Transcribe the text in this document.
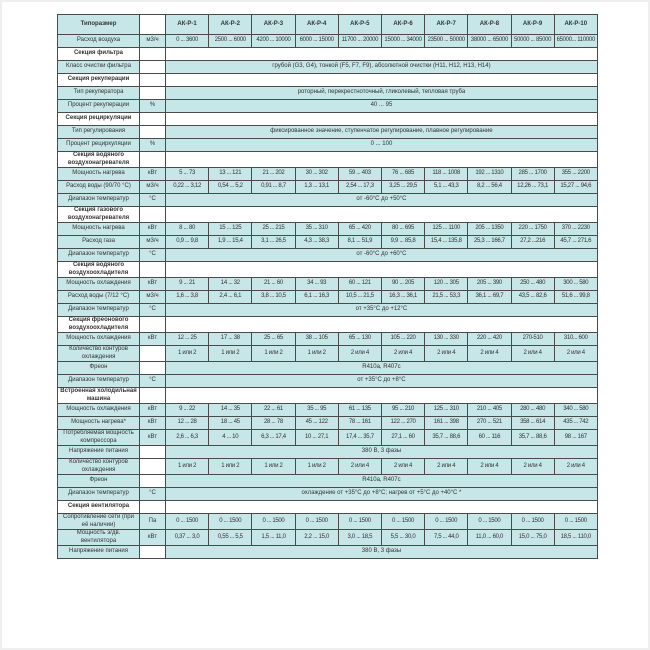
Типоразмер		АК-Р-1	АК-Р-2	АК-Р-3	АК-Р-4	АК-Р-5	АК-Р-6	АК-Р-7	АК-Р-8	АК-Р-9	АК-Р-10
Расход воздуха	м3/ч	0 ... 3600	2500 ... 6000	4200 ... 10000	6000 ... 15000	11700 ... 20000	15000 ... 34000	23500 ... 50000	38000 ... 65000	50000 ... 85000	65000... 110000
Секция фильтра											
Класс очистки фильтра		грубой (G3, G4), тонкой (F5, F7, F9), абсолютной очистки (H11, H12, H13, H14)									
Секция рекуперации											
Тип рекуператора		роторный, перекрестноточный, гликолевый, тепловая труба									
Процент рекуперации	%	40 ... 95									
Секция рециркуляции											
Тип регулирования		фиксированное значение, ступенчатое регулирование, плавное регулирование									
Процент рециркуляции	%	0 ... 100									
Секция водяного воздухонагревателя											
Мощность нагрева	кВт	5 ... 73	13 ... 121	21 ... 202	30 ... 302	59 ... 403	76 ... 685	118 ... 1008	192 ... 1310	285 ... 1700	355 ... 2200
Расход воды (90/70 °С)	м3/ч	0,22 ... 3,12	0,54 ... 5,2	0,91 ... 8,7	1,3 ... 13,1	2,54 ... 17,3	3,25 ... 29,5	5,1 ... 43,3	8,2 ... 56,4	12,26 ... 73,1	15,27 ... 94,6
Диапазон температур	°С	от -60°С до +50°С									
Секция газового воздухонагревателя											
Мощность нагрева	кВт	8 ... 80	15 ... 125	25 ... 215	35 ... 310	65 ... 420	80 ... 695	125 ... 1100	205 ... 1350	220 ... 1750	370 ... 2230
Расход газа	м3/ч	0,9 ... 9,8	1,9 ... 15,4	3,1 ... 26,5	4,3 ... 38,3	8,1 ... 51,9	9,9 ... 85,8	15,4 ... 135,8	25,3 ... 166,7	27,2 ...216	45,7 ... 271,6
Диапазон температур	°С	от -60°С до +60°С									
Секция водяного воздухоохладителя											
Мощность охлаждения	кВт	9 ... 21	14 ... 32	21 ... 60	34 ... 93	60 ... 121	90 ... 205	120 ... 305	205 ... 390	250 ... 480	300 ... 580
Расход воды (7/12 °С)	м3/ч	1,6 ... 3,8	2,4 ... 6,1	3,8 ... 10,5	6,1 ... 16,3	10,5 ... 21,5	16,3 ... 36,1	21,5 ... 53,3	36,1 ... 69,7	43,5 ... 82,6	51,6 ... 99,8
Диапазон температур	°С	от +35°С до +12°С									
Секция фреонового воздухоохладителя											
Мощность охлаждения	кВт	12 ... 25	17 ... 38	25 ... 65	38 ... 105	65 ... 130	105 ... 220	130 ... 330	220 ... 420	270-510	310... 600
Количество контуров охлаждения		1 или 2	1 или 2	1 или 2	1 или 2	2 или 4	2 или 4	2 или 4	2 или 4	2 или 4	2 или 4
Фреон		R410a, R407c									
Диапазон температур	°С	от +35°С до +8°С									
Встроенная холодильная машина											
Мощность охлаждения	кВт	9 ... 22	14 ... 35	22 ... 61	35 ... 95	61 ... 135	95 ... 210	125 ... 310	210 ... 405	280 ... 480	340 ... 580
Мощность нагрева*	кВт	12 ... 28	18 ... 45	28 ... 78	45 ... 122	78 ... 161	122 ... 270	161 ... 398	270 ... 521	358 ... 614	435 ... 742
Потребляемая мощность компрессора	кВт	2,6 ... 6,3	4 ... 10	6,3 ... 17,4	10 ... 27,1	17,4 ... 35,7	27,1 ... 60	35,7 ... 88,6	60 ... 116	35,7 ... 88,6	98 ... 167
Напряжение питания		380 В, 3 фазы									
Количество контуров охлаждения		1 или 2	1 или 2	1 или 2	1 или 2	2 или 4	2 или 4	2 или 4	2 или 4	2 или 4	2 или 4
Фреон		R410a, R407c									
Диапазон температур	°С	охлаждение от +35°С до +8°С; нагрев от +5°С до +40°С *									
Секция вентилятора											
Сопротивление сети (при её наличии)	Па	0 ... 1500	0 ... 1500	0 ... 1500	0 ... 1500	0 ... 1500	0 ... 1500	0 ... 1500	0 ... 1500	0 ... 1500	0 ... 1500
Мощность э/дв. вентилятора	кВт	0,37 ... 3,0	0,55 ... 5,5	1,5 ... 11,0	2,2 ... 15,0	3,0 ... 18,5	5,5 ... 30,0	7,5 ... 44,0	11,0 ... 60,0	15,0 ... 75,0	18,5 ... 110,0
Напряжение питания		380 В, 3 фазы									
